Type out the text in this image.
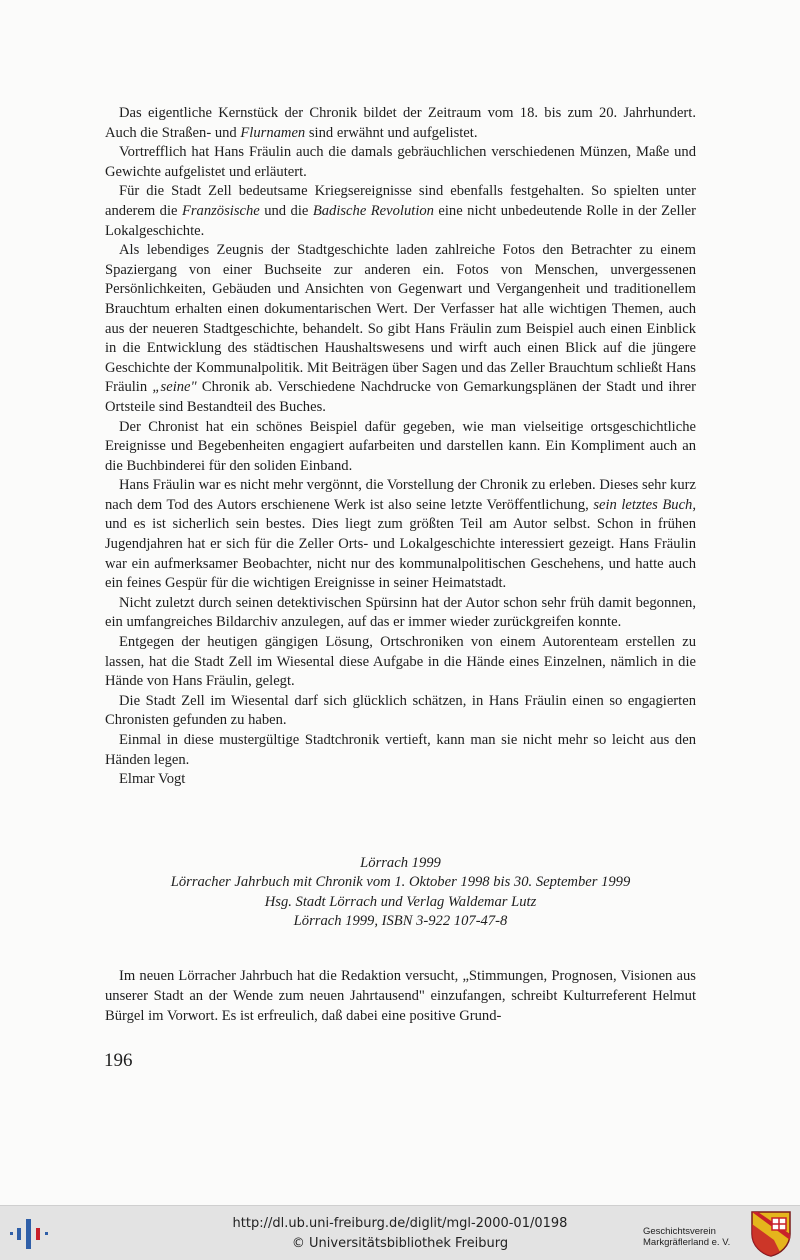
Das eigentliche Kernstück der Chronik bildet der Zeitraum vom 18. bis zum 20. Jahrhundert. Auch die Straßen- und Flurnamen sind erwähnt und aufgelistet.

Vortrefflich hat Hans Fräulin auch die damals gebräuchlichen verschiedenen Münzen, Maße und Gewichte aufgelistet und erläutert.

Für die Stadt Zell bedeutsame Kriegsereignisse sind ebenfalls festgehalten. So spielten unter anderem die Französische und die Badische Revolution eine nicht unbedeutende Rolle in der Zeller Lokalgeschichte.

Als lebendiges Zeugnis der Stadtgeschichte laden zahlreiche Fotos den Betrachter zu einem Spaziergang von einer Buchseite zur anderen ein. Fotos von Menschen, unvergessenen Persönlichkeiten, Gebäuden und Ansichten von Gegenwart und Vergangenheit und traditionellem Brauchtum erhalten einen dokumentarischen Wert. Der Verfasser hat alle wichtigen Themen, auch aus der neueren Stadtgeschichte, behandelt. So gibt Hans Fräulin zum Beispiel auch einen Einblick in die Entwicklung des städtischen Haushaltswesens und wirft auch einen Blick auf die jüngere Geschichte der Kommunalpolitik. Mit Beiträgen über Sagen und das Zeller Brauchtum schließt Hans Fräulin „seine" Chronik ab. Verschiedene Nachdrucke von Gemarkungsplänen der Stadt und ihrer Ortsteile sind Bestandteil des Buches.

Der Chronist hat ein schönes Beispiel dafür gegeben, wie man vielseitige ortsgeschichtliche Ereignisse und Begebenheiten engagiert aufarbeiten und darstellen kann. Ein Kompliment auch an die Buchbinderei für den soliden Einband.

Hans Fräulin war es nicht mehr vergönnt, die Vorstellung der Chronik zu erleben. Dieses sehr kurz nach dem Tod des Autors erschienene Werk ist also seine letzte Veröffentlichung, sein letztes Buch, und es ist sicherlich sein bestes. Dies liegt zum größten Teil am Autor selbst. Schon in frühen Jugendjahren hat er sich für die Zeller Orts- und Lokalgeschichte interessiert gezeigt. Hans Fräulin war ein aufmerksamer Beobachter, nicht nur des kommunalpolitischen Geschehens, und hatte auch ein feines Gespür für die wichtigen Ereignisse in seiner Heimatstadt.

Nicht zuletzt durch seinen detektivischen Spürsinn hat der Autor schon sehr früh damit begonnen, ein umfangreiches Bildarchiv anzulegen, auf das er immer wieder zurückgreifen konnte.

Entgegen der heutigen gängigen Lösung, Ortschroniken von einem Autorenteam erstellen zu lassen, hat die Stadt Zell im Wiesental diese Aufgabe in die Hände eines Einzelnen, nämlich in die Hände von Hans Fräulin, gelegt.

Die Stadt Zell im Wiesental darf sich glücklich schätzen, in Hans Fräulin einen so engagierten Chronisten gefunden zu haben.

Einmal in diese mustergültige Stadtchronik vertieft, kann man sie nicht mehr so leicht aus den Händen legen.

Elmar Vogt

Lörrach 1999
Lörracher Jahrbuch mit Chronik vom 1. Oktober 1998 bis 30. September 1999
Hsg. Stadt Lörrach und Verlag Waldemar Lutz
Lörrach 1999, ISBN 3-922 107-47-8

Im neuen Lörracher Jahrbuch hat die Redaktion versucht, „Stimmungen, Prognosen, Visionen aus unserer Stadt an der Wende zum neuen Jahrtausend" einzufangen, schreibt Kulturreferent Helmut Bürgel im Vorwort. Es ist erfreulich, daß dabei eine positive Grund-

196
http://dl.ub.uni-freiburg.de/diglit/mgl-2000-01/0198
© Universitätsbibliothek Freiburg
Geschichtsverein
Markgräflerland e. V.
